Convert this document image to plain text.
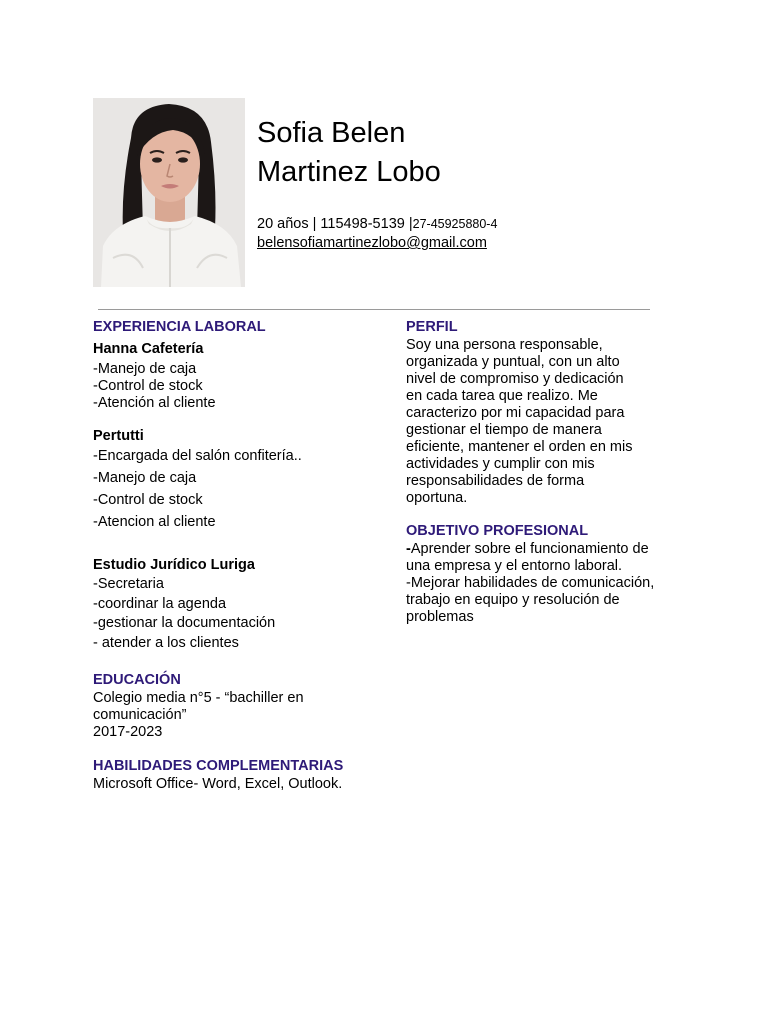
Sofia Belen
Martinez Lobo
20 años | 115498-5139 |27-45925880-4
belensofiamartinezlobo@gmail.com
EXPERIENCIA LABORAL
Hanna Cafetería
-Manejo de caja
-Control de stock
-Atención al cliente
Pertutti
-Encargada del salón confitería..
-Manejo de caja
-Control de stock
-Atencion al cliente
Estudio Jurídico Luriga
-Secretaria
-coordinar la agenda
-gestionar la documentación
- atender a los clientes
EDUCACIÓN
Colegio media n°5 - “bachiller en
comunicación”
2017-2023
HABILIDADES COMPLEMENTARIAS
Microsoft Office- Word, Excel, Outlook.
PERFIL
Soy una persona responsable,
organizada y puntual, con un alto
nivel de compromiso y dedicación
en cada tarea que realizo. Me
caracterizo por mi capacidad para
gestionar el tiempo de manera
eficiente, mantener el orden en mis
actividades y cumplir con mis
responsabilidades de forma
oportuna.
OBJETIVO PROFESIONAL
-Aprender sobre el funcionamiento de
una empresa y el entorno laboral.
-Mejorar habilidades de comunicación,
trabajo en equipo y resolución de
problemas
